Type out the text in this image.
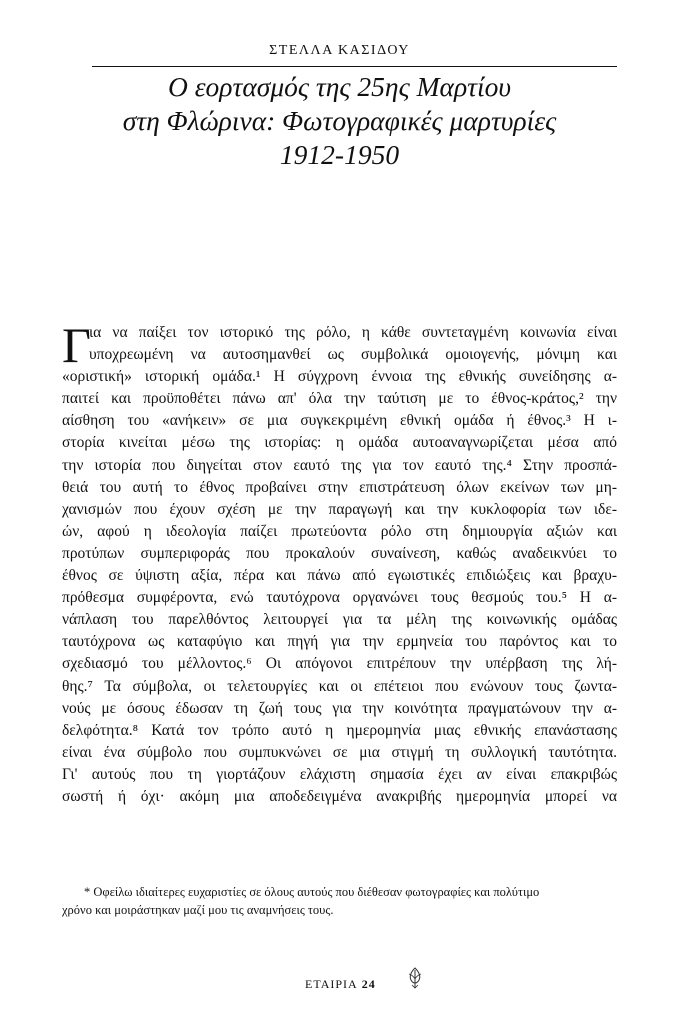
ΣΤΕΛΛΑ ΚΑΣΙΔΟΥ
Ο εορτασμός της 25ης Μαρτίου
στη Φλώρινα: Φωτογραφικές μαρτυρίες
1912-1950
Γ
ια να παίξει τον ιστορικό της ρόλο, η κάθε συντεταγμένη κοινωνία είναι
υποχρεωμένη να αυτοσημανθεί ως συμβολικά ομοιογενής, μόνιμη και
«οριστική» ιστορική ομάδα.¹ Η σύγχρονη έννοια της εθνικής συνείδησης α-
παιτεί και προϋποθέτει πάνω απ' όλα την ταύτιση με το έθνος-κράτος,² την
αίσθηση του «ανήκειν» σε μια συγκεκριμένη εθνική ομάδα ή έθνος.³ Η ι-
στορία κινείται μέσω της ιστορίας: η ομάδα αυτοαναγνωρίζεται μέσα από
την ιστορία που διηγείται στον εαυτό της για τον εαυτό της.⁴ Στην προσπά-
θειά του αυτή το έθνος προβαίνει στην επιστράτευση όλων εκείνων των μη-
χανισμών που έχουν σχέση με την παραγωγή και την κυκλοφορία των ιδε-
ών, αφού η ιδεολογία παίζει πρωτεύοντα ρόλο στη δημιουργία αξιών και
προτύπων συμπεριφοράς που προκαλούν συναίνεση, καθώς αναδεικνύει το
έθνος σε ύψιστη αξία, πέρα και πάνω από εγωιστικές επιδιώξεις και βραχυ-
πρόθεσμα συμφέροντα, ενώ ταυτόχρονα οργανώνει τους θεσμούς του.⁵ Η α-
νάπλαση του παρελθόντος λειτουργεί για τα μέλη της κοινωνικής ομάδας
ταυτόχρονα ως καταφύγιο και πηγή για την ερμηνεία του παρόντος και το
σχεδιασμό του μέλλοντος.⁶ Οι απόγονοι επιτρέπουν την υπέρβαση της λή-
θης.⁷ Τα σύμβολα, οι τελετουργίες και οι επέτειοι που ενώνουν τους ζωντα-
νούς με όσους έδωσαν τη ζωή τους για την κοινότητα πραγματώνουν την α-
δελφότητα.⁸ Κατά τον τρόπο αυτό η ημερομηνία μιας εθνικής επανάστασης
είναι ένα σύμβολο που συμπυκνώνει σε μια στιγμή τη συλλογική ταυτότητα.
Γι' αυτούς που τη γιορτάζουν ελάχιστη σημασία έχει αν είναι επακριβώς
σωστή ή όχι· ακόμη μια αποδεδειγμένα ανακριβής ημερομηνία μπορεί να
* Οφείλω ιδιαίτερες ευχαριστίες σε όλους αυτούς που διέθεσαν φωτογραφίες και πολύτιμο
χρόνο και μοιράστηκαν μαζί μου τις αναμνήσεις τους.
ΕΤΑΙΡΙΑ 24
